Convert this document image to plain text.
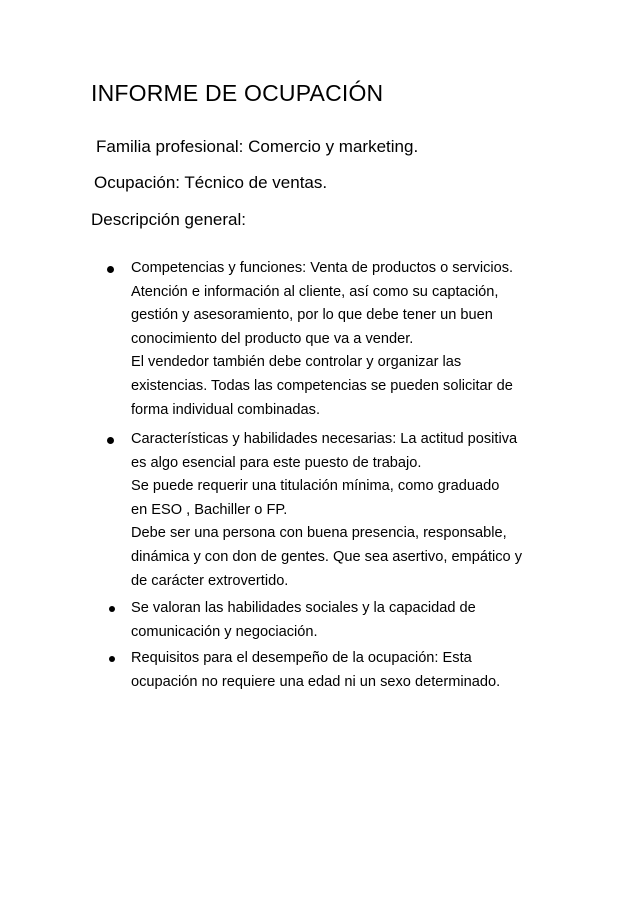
INFORME DE OCUPACIÓN
Familia profesional: Comercio y marketing.
Ocupación: Técnico de ventas.
Descripción general:
Competencias y funciones: Venta de productos o servicios.
Atención e información al cliente, así como su captación,
gestión y asesoramiento, por lo que debe tener un buen
conocimiento del producto que va a vender.
El vendedor también debe controlar y organizar las
existencias. Todas las competencias se pueden solicitar de
forma individual combinadas.
Características y habilidades necesarias: La actitud positiva
es algo esencial para este puesto de trabajo.
Se puede requerir una titulación mínima, como graduado
en ESO , Bachiller o FP.
Debe ser una persona con buena presencia, responsable,
dinámica y con don de gentes. Que sea asertivo, empático y
de carácter extrovertido.
Se valoran las habilidades sociales y la capacidad de
comunicación y negociación.
Requisitos para el desempeño de la ocupación: Esta
ocupación no requiere una edad ni un sexo determinado.
